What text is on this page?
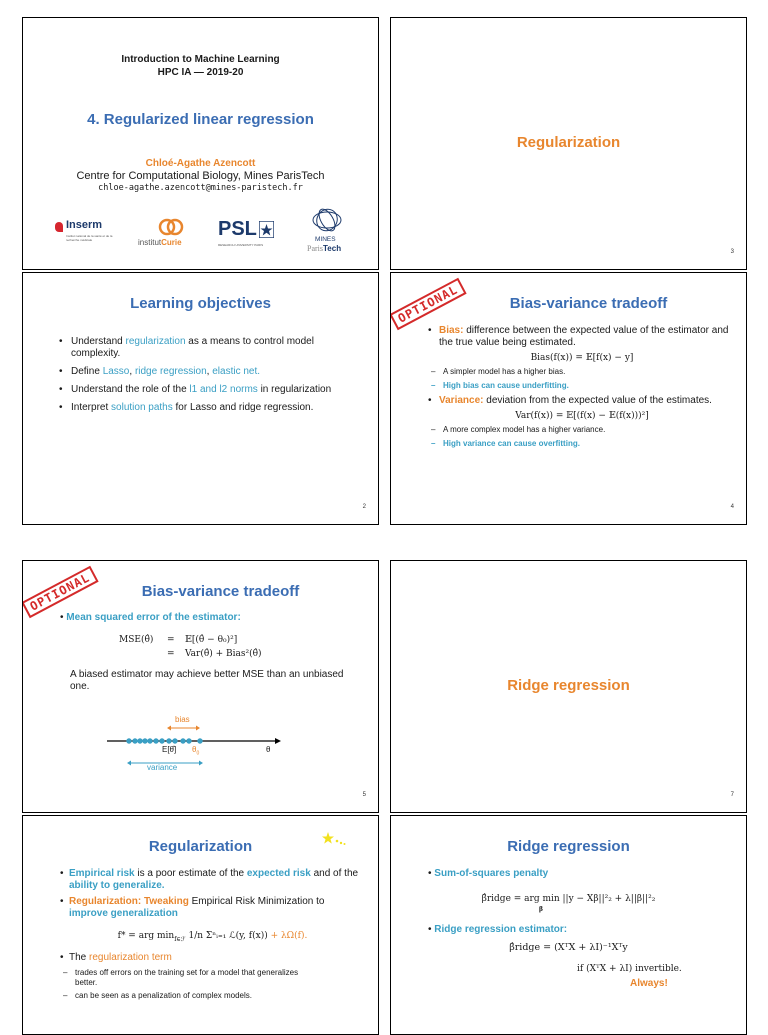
Introduction to Machine Learning
HPC IA — 2019-20
4. Regularized linear regression
Chloé-Agathe Azencott
Centre for Computational Biology, Mines ParisTech
chloe-agathe.azencott@mines-paristech.fr
Inserm
Institut national de la santé et de la recherche médicale	institutCurie
PSL
RESEARCH UNIVERSITY PARIS
MINES
ParisTech
Regularization
3
Learning objectives
• Understand regularization as a means to control model complexity.
• Define Lasso, ridge regression, elastic net.
• Understand the role of the l1 and l2 norms in regularization
• Interpret solution paths for Lasso and ridge regression.
2
OPTIONAL	Bias-variance tradeoff
• Bias: difference between the expected value of the estimator and the true value being estimated.
Bias(f(x)) = 𝔼[f(x) − y]
– A simpler model has a higher bias.
– High bias can cause underfitting.
• Variance: deviation from the expected value of the estimates.
Var(f(x)) = 𝔼[(f(x) − 𝔼(f(x)))²]
– A more complex model has a higher variance.
– High variance can cause overfitting.
4
OPTIONAL	Bias-variance tradeoff
• Mean squared error of the estimator:
MSE(θ̂) = 𝔼[(θ̂ − θ₀)²]
= Var(θ̂) + Bias²(θ̂)
A biased estimator may achieve better MSE than an unbiased one.
bias
E[θ̂] $\theta_0$	θ
variance
5
Ridge regression
7
Regularization
• Empirical risk is a poor estimate of the expected risk and of the ability to generalize.
• Regularization: Tweaking Empirical Risk Minimization to improve generalization
f* = arg $\min_{f\in ℱ} 1/n$ Σⁿᵢ₌₁ ℒ(y, f(x)) + λΩ(f).
• The regularization term
– trades off errors on the training set for a model that generalizes better.
– can be seen as a penalization of complex models.
Ridge regression
• Sum-of-squares penalty
β̂ridge = arg min ||y − Xβ||²₂ + λ||β||²₂
β
• Ridge regression estimator:
β̂ridge = (XᵀX + λI)⁻¹Xᵀy
if (XᵀX + λI) invertible.
Always!
